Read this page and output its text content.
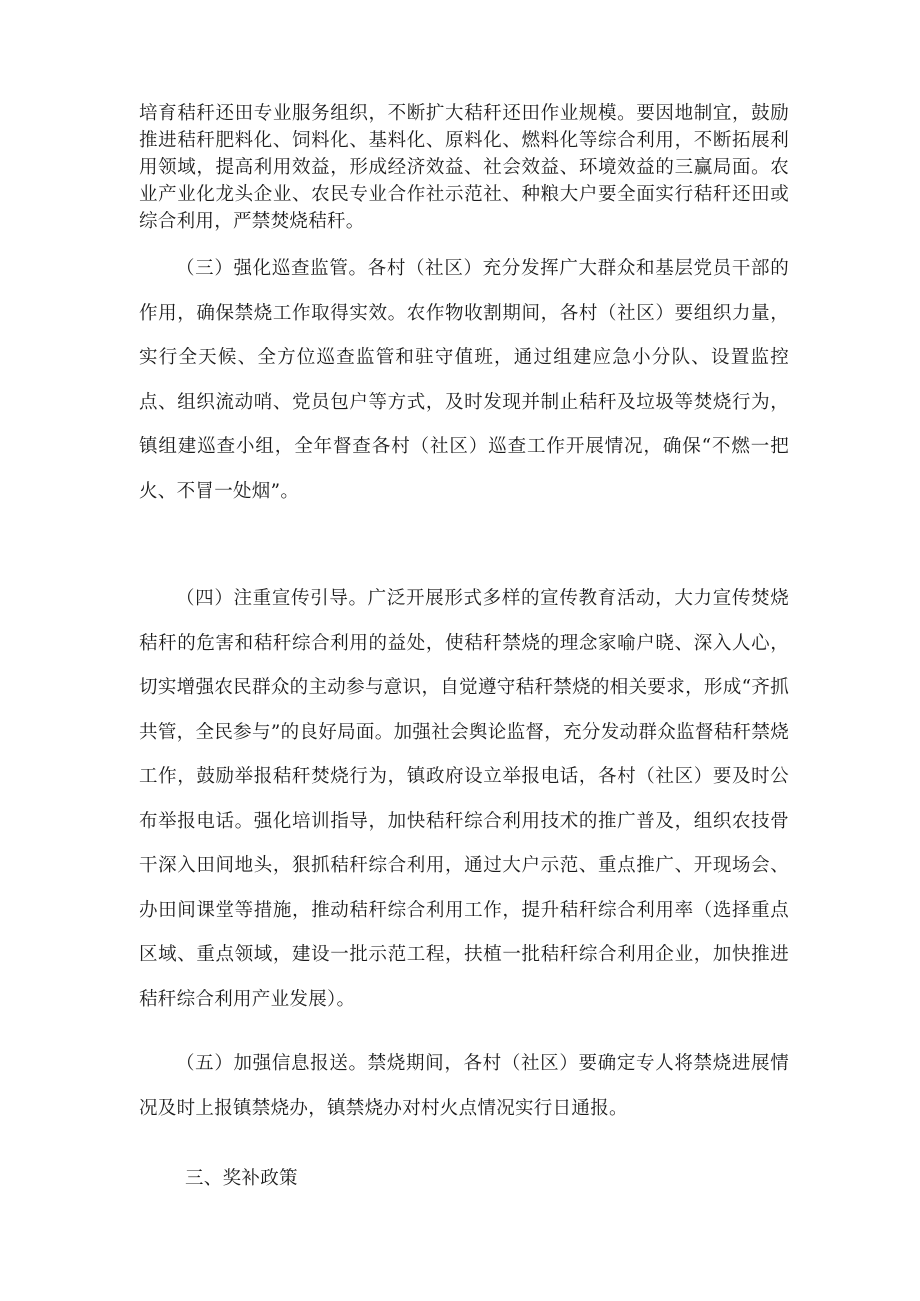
培育秸秆还田专业服务组织，不断扩大秸秆还田作业规模。要因地制宜，鼓励推进秸秆肥料化、饲料化、基料化、原料化、燃料化等综合利用，不断拓展利用领域，提高利用效益，形成经济效益、社会效益、环境效益的三赢局面。农业产业化龙头企业、农民专业合作社示范社、种粮大户要全面实行秸秆还田或综合利用，严禁焚烧秸秆。

（三）强化巡查监管。各村（社区）充分发挥广大群众和基层党员干部的作用，确保禁烧工作取得实效。农作物收割期间，各村（社区）要组织力量，实行全天候、全方位巡查监管和驻守值班，通过组建应急小分队、设置监控点、组织流动哨、党员包户等方式，及时发现并制止秸秆及垃圾等焚烧行为，镇组建巡查小组，全年督查各村（社区）巡查工作开展情况，确保“不燃一把火、不冒一处烟”。

（四）注重宣传引导。广泛开展形式多样的宣传教育活动，大力宣传焚烧秸秆的危害和秸秆综合利用的益处，使秸秆禁烧的理念家喻户晓、深入人心，切实增强农民群众的主动参与意识，自觉遵守秸秆禁烧的相关要求，形成“齐抓共管，全民参与”的良好局面。加强社会舆论监督，充分发动群众监督秸秆禁烧工作，鼓励举报秸秆焚烧行为，镇政府设立举报电话，各村（社区）要及时公布举报电话。强化培训指导，加快秸秆综合利用技术的推广普及，组织农技骨干深入田间地头，狠抓秸秆综合利用，通过大户示范、重点推广、开现场会、办田间课堂等措施，推动秸秆综合利用工作，提升秸秆综合利用率（选择重点区域、重点领域，建设一批示范工程，扶植一批秸秆综合利用企业，加快推进秸秆综合利用产业发展）。

（五）加强信息报送。禁烧期间，各村（社区）要确定专人将禁烧进展情况及时上报镇禁烧办，镇禁烧办对村火点情况实行日通报。

三、奖补政策
